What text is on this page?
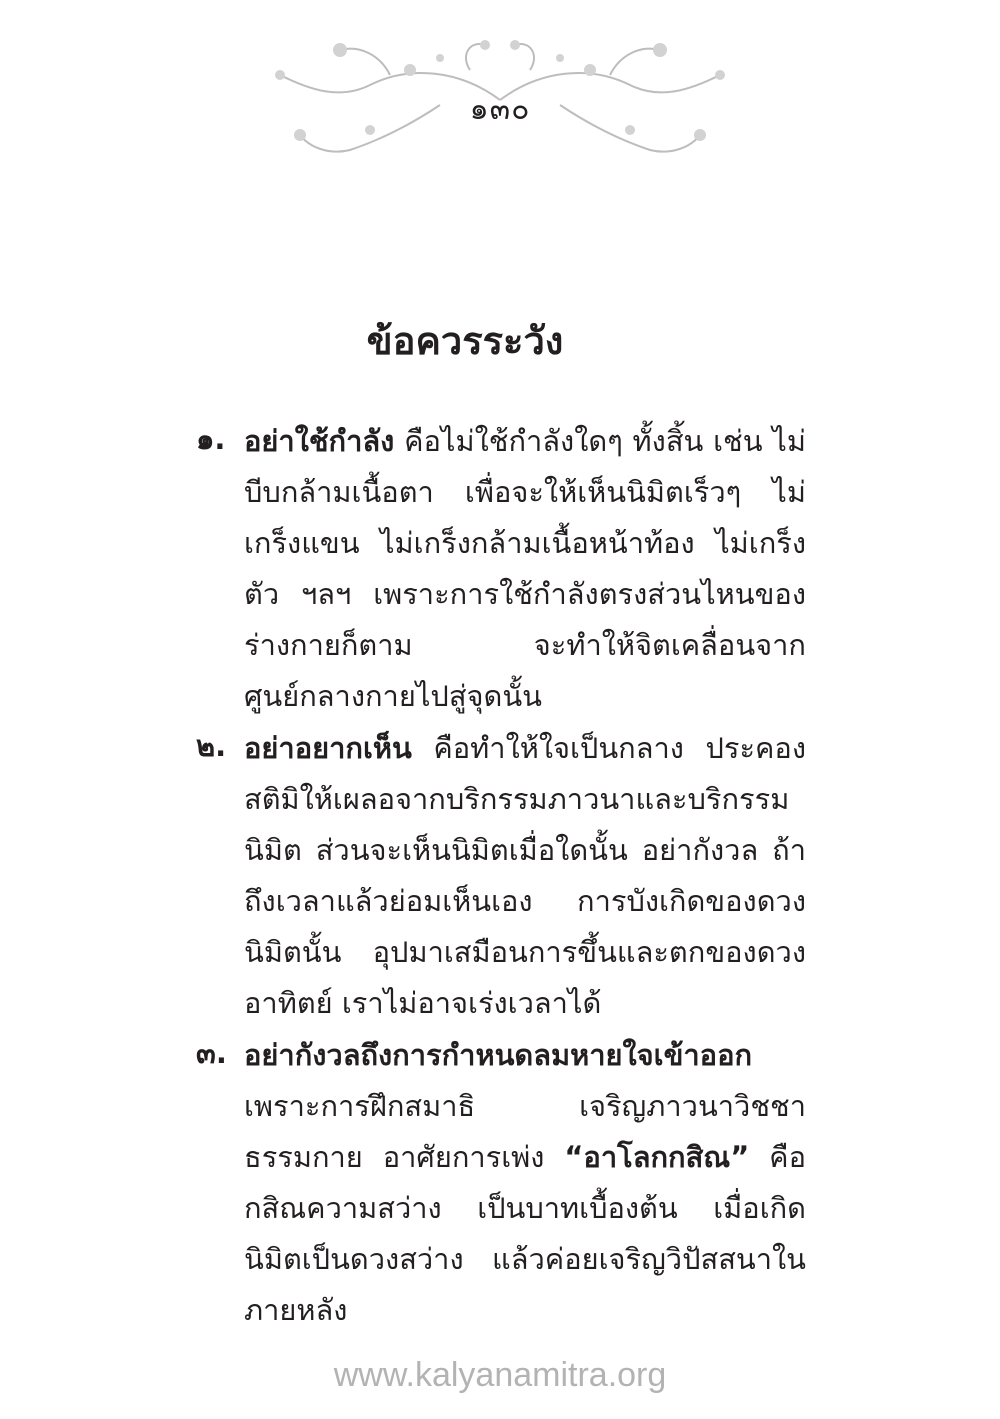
๑๓๐
ข้อควรระวัง
๑. อย่าใช้กำลัง คือไม่ใช้กำลังใดๆ ทั้งสิ้น เช่น ไม่บีบกล้ามเนื้อตา เพื่อจะให้เห็นนิมิตเร็วๆ ไม่เกร็งแขน ไม่เกร็งกล้ามเนื้อหน้าท้อง ไม่เกร็งตัว ฯลฯ เพราะการใช้กำลังตรงส่วนไหนของร่างกายก็ตาม จะทำให้จิตเคลื่อนจากศูนย์กลางกายไปสู่จุดนั้น
๒. อย่าอยากเห็น คือทำให้ใจเป็นกลาง ประคองสติมิให้เผลอจากบริกรรมภาวนาและบริกรรมนิมิต ส่วนจะเห็นนิมิตเมื่อใดนั้น อย่ากังวล ถ้าถึงเวลาแล้วย่อมเห็นเอง การบังเกิดของดวงนิมิตนั้น อุปมาเสมือนการขึ้นและตกของดวงอาทิตย์ เราไม่อาจเร่งเวลาได้
๓. อย่ากังวลถึงการกำหนดลมหายใจเข้าออก เพราะการฝึกสมาธิ เจริญภาวนาวิชชาธรรมกาย อาศัยการเพ่ง “อาโลกกสิณ” คือกสิณความสว่าง เป็นบาทเบื้องต้น เมื่อเกิดนิมิตเป็นดวงสว่าง แล้วค่อยเจริญวิปัสสนาในภายหลัง
www.kalyanamitra.org
